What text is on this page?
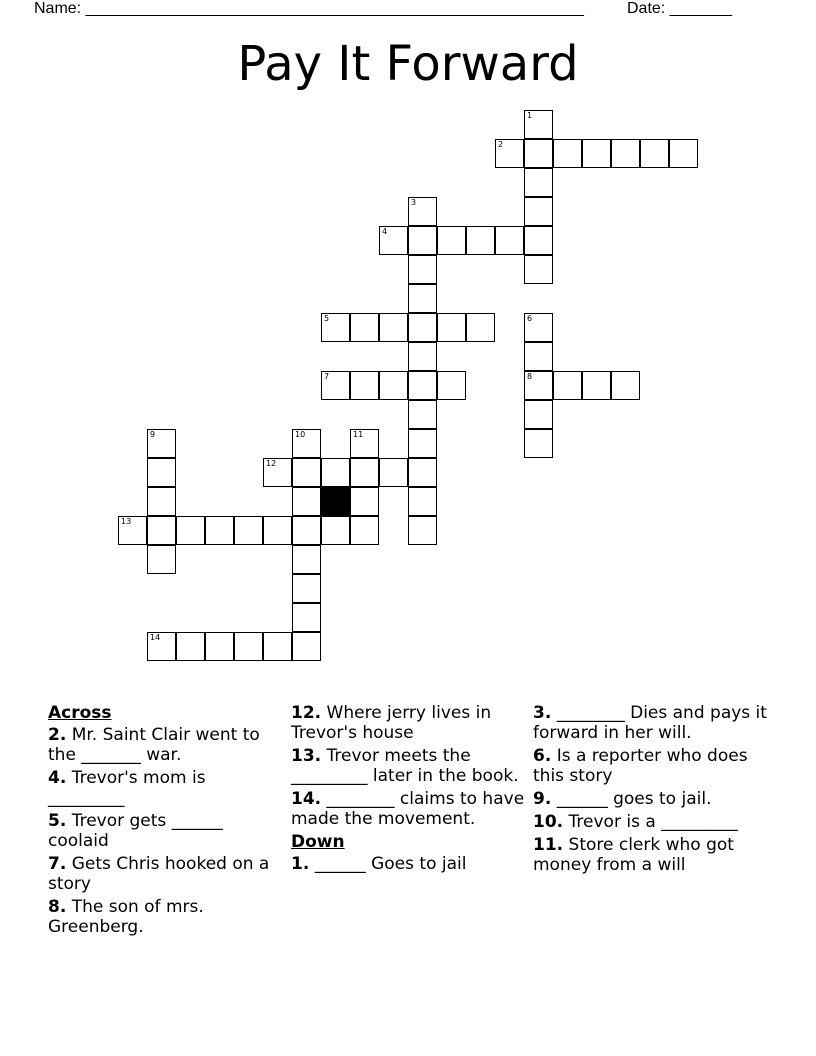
Name: ________________________________________________________	Date: _______
Pay It Forward
1
2
3
4
5	6
8
7
9	10	11
12
13
14
Across
2. Mr. Saint Clair went to the _______ war.
4. Trevor's mom is _________
5. Trevor gets ______ coolaid
7. Gets Chris hooked on a story
8. The son of mrs. Greenberg.
12. Where jerry lives in Trevor's house
13. Trevor meets the _________ later in the book.
14. ________ claims to have made the movement.
Down
1. ______ Goes to jail
3. ________ Dies and pays it forward in her will.
6. Is a reporter who does this story
9. ______ goes to jail.
10. Trevor is a _________
11. Store clerk who got money from a will
